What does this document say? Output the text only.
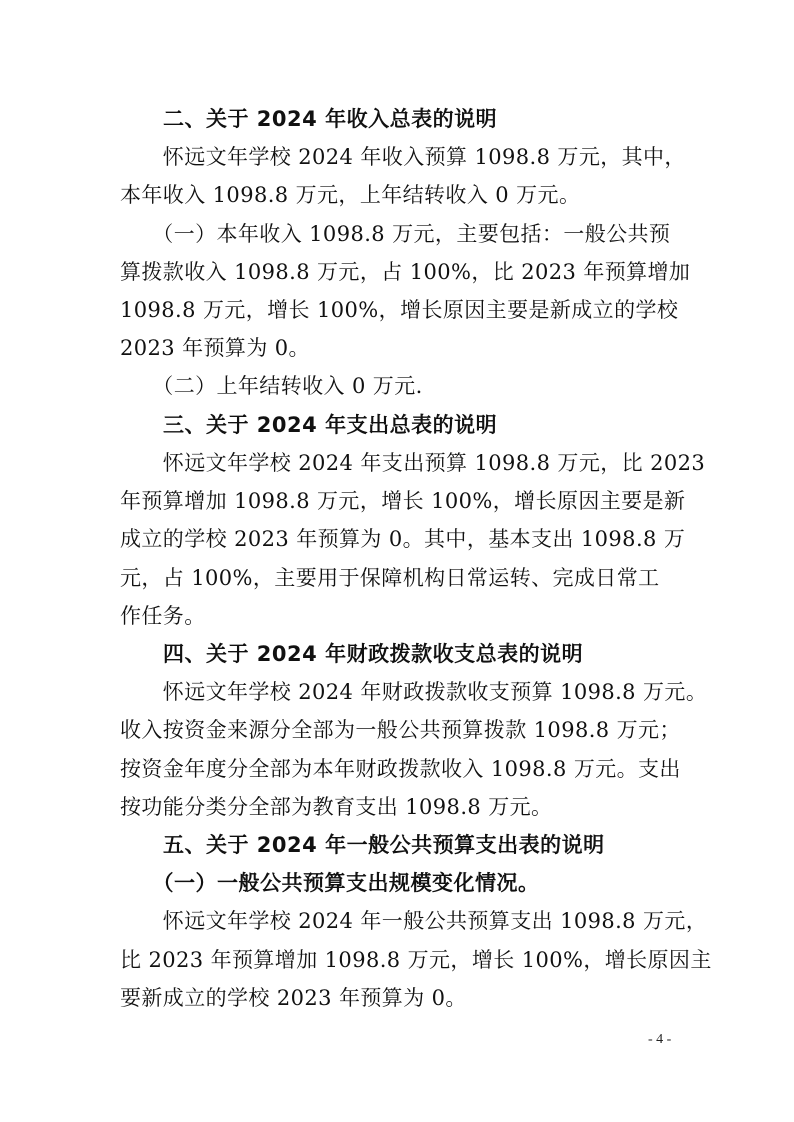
　　二、关于 2024 年收入总表的说明
　　怀远文年学校 2024 年收入预算 1098.8 万元，其中，
本年收入 1098.8 万元，上年结转收入 0 万元。
　　（一）本年收入 1098.8 万元，主要包括：一般公共预
算拨款收入 1098.8 万元，占 100%，比 2023 年预算增加
1098.8 万元，增长 100%，增长原因主要是新成立的学校
2023 年预算为 0。
　　（二）上年结转收入 0 万元.
　　三、关于 2024 年支出总表的说明
　　怀远文年学校 2024 年支出预算 1098.8 万元，比 2023
年预算增加 1098.8 万元，增长 100%，增长原因主要是新
成立的学校 2023 年预算为 0。其中，基本支出 1098.8 万
元，占 100%，主要用于保障机构日常运转、完成日常工
作任务。
　　四、关于 2024 年财政拨款收支总表的说明
　　怀远文年学校 2024 年财政拨款收支预算 1098.8 万元。
收入按资金来源分全部为一般公共预算拨款 1098.8 万元；
按资金年度分全部为本年财政拨款收入 1098.8 万元。支出
按功能分类分全部为教育支出 1098.8 万元。
　　五、关于 2024 年一般公共预算支出表的说明
　　（一）一般公共预算支出规模变化情况。
　　怀远文年学校 2024 年一般公共预算支出 1098.8 万元，
比 2023 年预算增加 1098.8 万元，增长 100%，增长原因主
要新成立的学校 2023 年预算为 0。
- 4 -
